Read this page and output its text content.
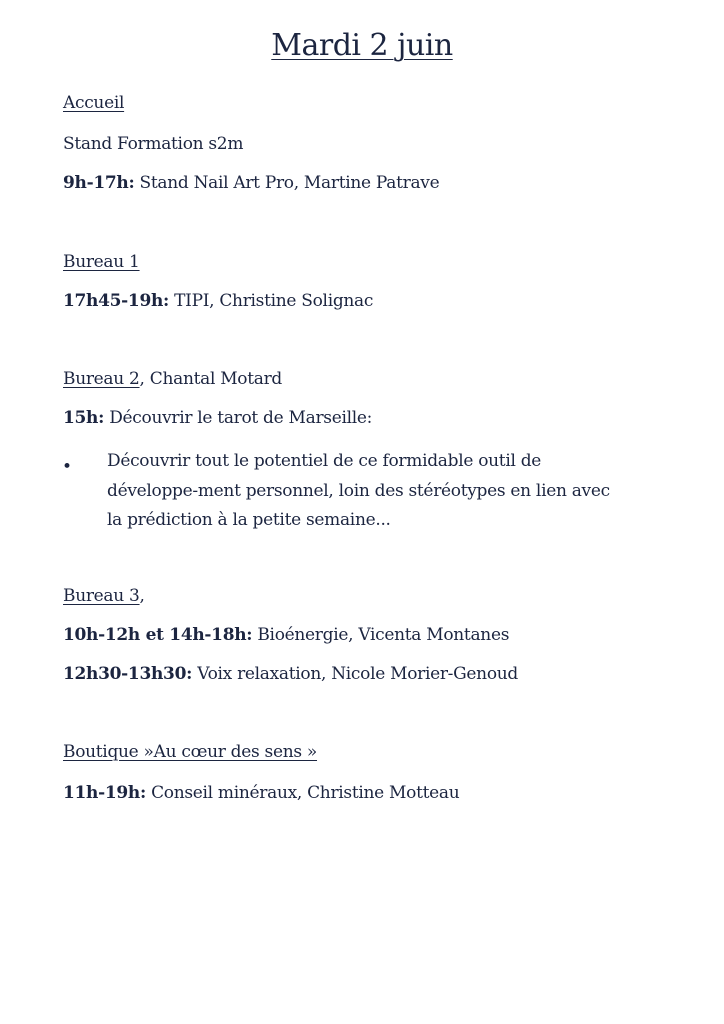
Mardi 2 juin
Accueil
Stand Formation s2m
9h-17h: Stand Nail Art Pro, Martine Patrave
Bureau 1
17h45-19h: TIPI, Christine Solignac
Bureau 2, Chantal Motard
15h: Découvrir le tarot de Marseille:
• Découvrir tout le potentiel de ce formidable outil de développe-ment personnel, loin des stéréotypes en lien avec la prédiction à la petite semaine...
Bureau 3,
10h-12h et 14h-18h: Bioénergie, Vicenta Montanes
12h30-13h30: Voix relaxation, Nicole Morier-Genoud
Boutique »Au cœur des sens »
11h-19h: Conseil minéraux, Christine Motteau
